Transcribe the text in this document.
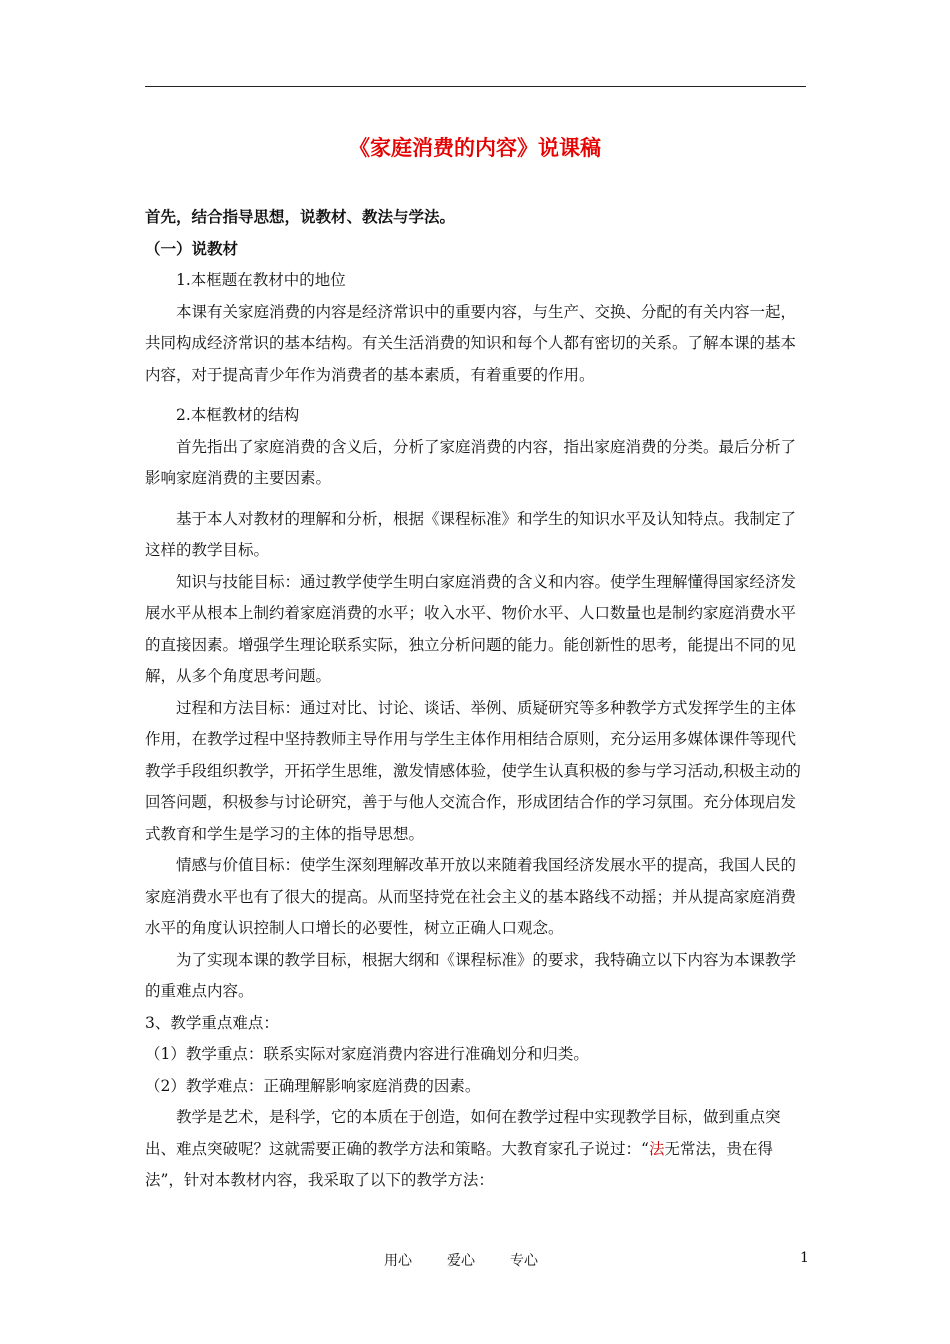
《家庭消费的内容》说课稿

首先，结合指导思想，说教材、教法与学法。

（一）说教材

1.本框题在教材中的地位

本课有关家庭消费的内容是经济常识中的重要内容，与生产、交换、分配的有关内容一起，共同构成经济常识的基本结构。有关生活消费的知识和每个人都有密切的关系。了解本课的基本内容，对于提高青少年作为消费者的基本素质，有着重要的作用。

2.本框教材的结构

首先指出了家庭消费的含义后，分析了家庭消费的内容，指出家庭消费的分类。最后分析了影响家庭消费的主要因素。

基于本人对教材的理解和分析，根据《课程标准》和学生的知识水平及认知特点。我制定了这样的教学目标。

知识与技能目标：通过教学使学生明白家庭消费的含义和内容。使学生理解懂得国家经济发展水平从根本上制约着家庭消费的水平；收入水平、物价水平、人口数量也是制约家庭消费水平的直接因素。增强学生理论联系实际，独立分析问题的能力。能创新性的思考，能提出不同的见解，从多个角度思考问题。

过程和方法目标：通过对比、讨论、谈话、举例、质疑研究等多种教学方式发挥学生的主体作用，在教学过程中坚持教师主导作用与学生主体作用相结合原则，充分运用多媒体课件等现代教学手段组织教学，开拓学生思维，激发情感体验，使学生认真积极的参与学习活动,积极主动的回答问题，积极参与讨论研究，善于与他人交流合作，形成团结合作的学习氛围。充分体现启发式教育和学生是学习的主体的指导思想。

情感与价值目标：使学生深刻理解改革开放以来随着我国经济发展水平的提高，我国人民的家庭消费水平也有了很大的提高。从而坚持党在社会主义的基本路线不动摇；并从提高家庭消费水平的角度认识控制人口增长的必要性，树立正确人口观念。

为了实现本课的教学目标，根据大纲和《课程标准》的要求，我特确立以下内容为本课教学的重难点内容。

3、教学重点难点：

（1）教学重点：联系实际对家庭消费内容进行准确划分和归类。

（2）教学难点：正确理解影响家庭消费的因素。

教学是艺术，是科学，它的本质在于创造，如何在教学过程中实现教学目标，做到重点突出、难点突破呢？这就需要正确的教学方法和策略。大教育家孔子说过：“法无常法，贵在得法”，针对本教材内容，我采取了以下的教学方法：

用心	爱心	专心	1
